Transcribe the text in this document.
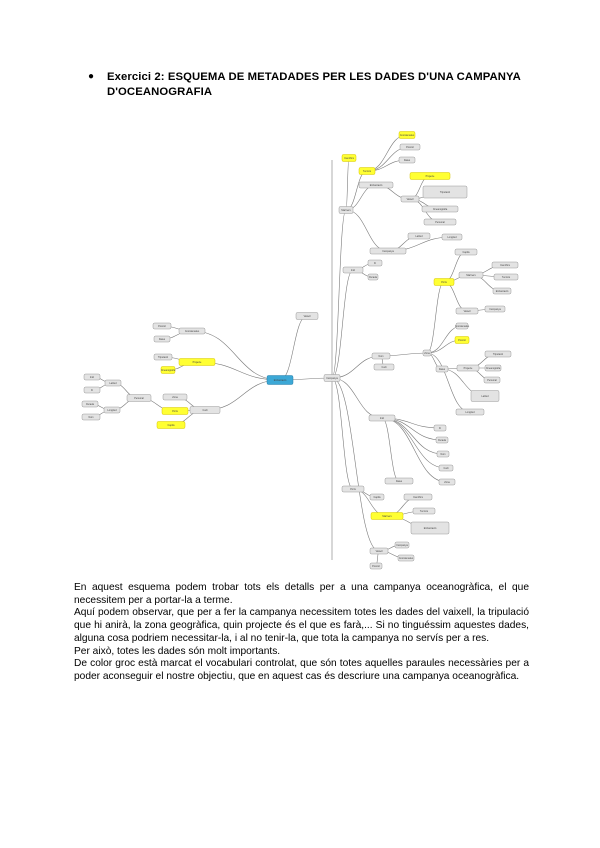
● Exercici 2: ESQUEMA DE METADADES PER LES DADES D'UNA CAMPANYA D'OCEANOGRAFIA
Embarcació
Vaixell
Campanya
Coordenades
Posició
Dates
Projecte
Tripulació
Oceanografia
Personal
Latitud
Longitud
Inici
Fi
Durada
Nom
Codi
Zona
Ports
Capità
Mariners
Científics
Tècnics
Embarcació
Vaixell
Campanya
Coordenades
Posició
Dates
Projecte
Tripulació
Oceanografia
Personal
Latitud	Longitud
Inici
Fi
Durada
Nom
Codi
Zona
Ports
Capità
Mariners
Científics
Tècnics
Embarcació
Vaixell
Campanya
Coordenades
Posició
Dates	Projecte
Tripulació
Oceanografia
Personal
Latitud
Longitud
Inici
Fi
Durada
Nom
Codi
Zona
Ports
Capità
Mariners
Científics
Tècnics
Embarcació
Vaixell
Campanya
Coordenades
Posició
Dates

En aquest esquema podem trobar tots els detalls per a una campanya oceanogràfica, el que necessitem per a portar-la a terme.

Aquí podem observar, que per a fer la campanya necessitem totes les dades del vaixell, la tripulació que hi anirà, la zona geogràfica, quin projecte és el que es farà,... Si no tinguéssim aquestes dades, alguna cosa podriem necessitar-la, i al no tenir-la, que tota la campanya no servís per a res.

Per això, totes les dades són molt importants.

De color groc està marcat el vocabulari controlat, que són totes aquelles paraules necessàries per a poder aconseguir el nostre objectiu, que en aquest cas és descriure una campanya oceanogràfica.
